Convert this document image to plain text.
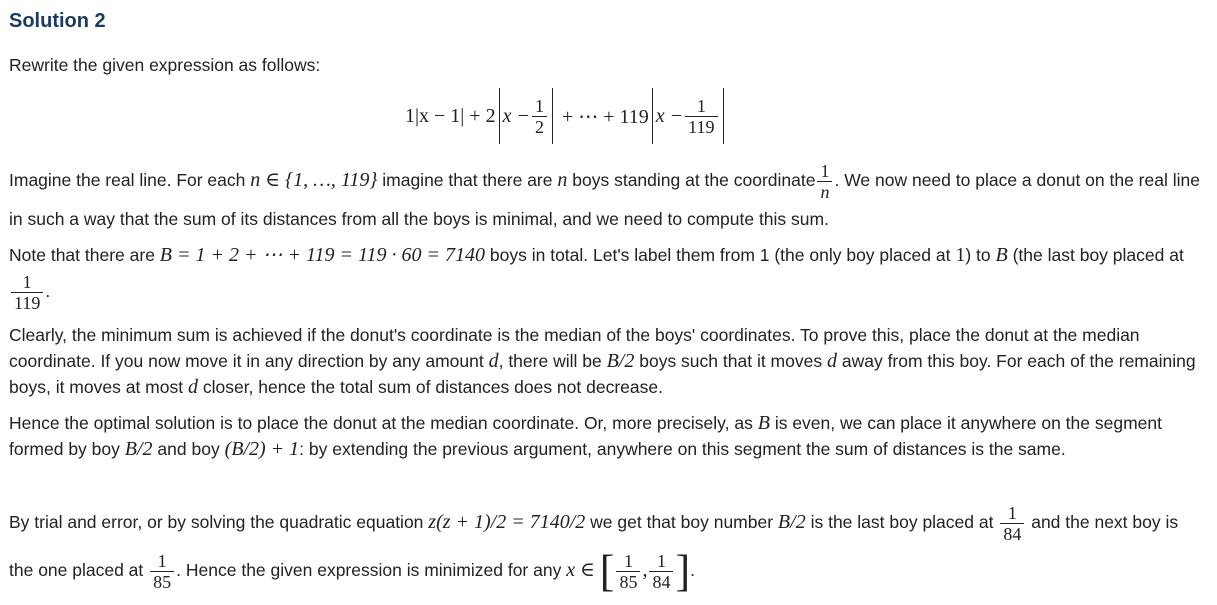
Solution 2

Rewrite the given expression as follows:

1|x − 1| + 2 $x - \frac{1}{2}$ + ⋯ + 119 $x - \frac{1}{119}$

Imagine the real line. For each n ∈ {1, …, 119} imagine that there are n boys standing at the coordinate $\frac{1}{n}$ . We now need to place a donut on the real line in such a way that the sum of its distances from all the boys is minimal, and we need to compute this sum.

Note that there are B = 1 + 2 + ⋯ + 119 = 119 · 60 = 7140 boys in total. Let's label them from 1 (the only boy placed at 1) to B (the last boy placed at
$\frac{1}{119}$ .

Clearly, the minimum sum is achieved if the donut's coordinate is the median of the boys' coordinates. To prove this, place the donut at the median coordinate. If you now move it in any direction by any amount d, there will be B/2 boys such that it moves d away from this boy. For each of the remaining boys, it moves at most d closer, hence the total sum of distances does not decrease.

Hence the optimal solution is to place the donut at the median coordinate. Or, more precisely, as B is even, we can place it anywhere on the segment formed by boy B/2 and boy (B/2) + 1: by extending the previous argument, anywhere on this segment the sum of distances is the same.

By trial and error, or by solving the quadratic equation z(z + 1)/2 = 7140/2 we get that boy number B/2 is the last boy placed at $\frac{1}{84}$ and the next boy is the one placed at $\frac{1}{85}$ . Hence the given expression is minimized for any x ∈ [ $\frac{1}{85}$ , $\frac{1}{84}$ ].
